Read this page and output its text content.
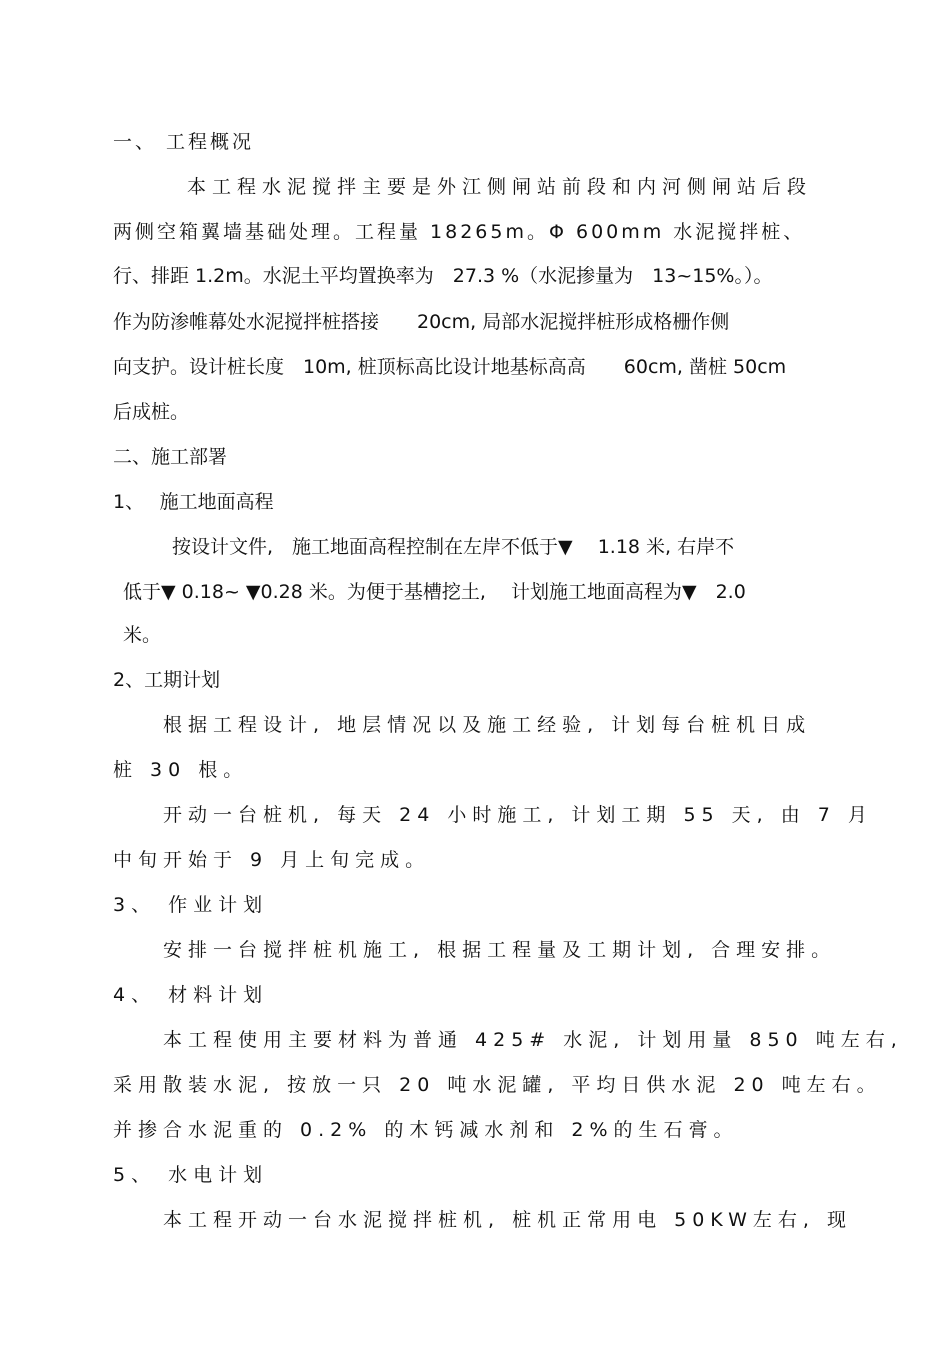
一、 工程概况
本工程水泥搅拌主要是外江侧闸站前段和内河侧闸站后段
两侧空箱翼墙基础处理。工程量 18265m。Φ 600mm 水泥搅拌桩、
行、排距 1.2m。水泥土平均置换率为　27.3 %（水泥掺量为　13~15%。）。
作为防渗帷幕处水泥搅拌桩搭接　　20cm, 局部水泥搅拌桩形成格栅作侧
向支护。设计桩长度　10m, 桩顶标高比设计地基标高高　　60cm, 凿桩 50cm
后成桩。
二、施工部署
1、　 施工地面高程
按设计文件,　施工地面高程控制在左岸不低于▼　 1.18 米, 右岸不
低于▼ 0.18~ ▼0.28 米。为便于基槽挖土,　 计划施工地面高程为▼　2.0
米。
2、工期计划
根据工程设计, 地层情况以及施工经验, 计划每台桩机日成
桩 30 根。
开动一台桩机, 每天 24 小时施工, 计划工期 55 天, 由 7 月
中旬开始于 9 月上旬完成。
3、 作业计划
安排一台搅拌桩机施工, 根据工程量及工期计划, 合理安排。
4、 材料计划
本工程使用主要材料为普通 425# 水泥, 计划用量 850 吨左右,
采用散装水泥, 按放一只 20 吨水泥罐, 平均日供水泥 20 吨左右。
并掺合水泥重的 0.2% 的木钙减水剂和 2%的生石膏。
5、 水电计划
本工程开动一台水泥搅拌桩机, 桩机正常用电 50KW左右, 现
